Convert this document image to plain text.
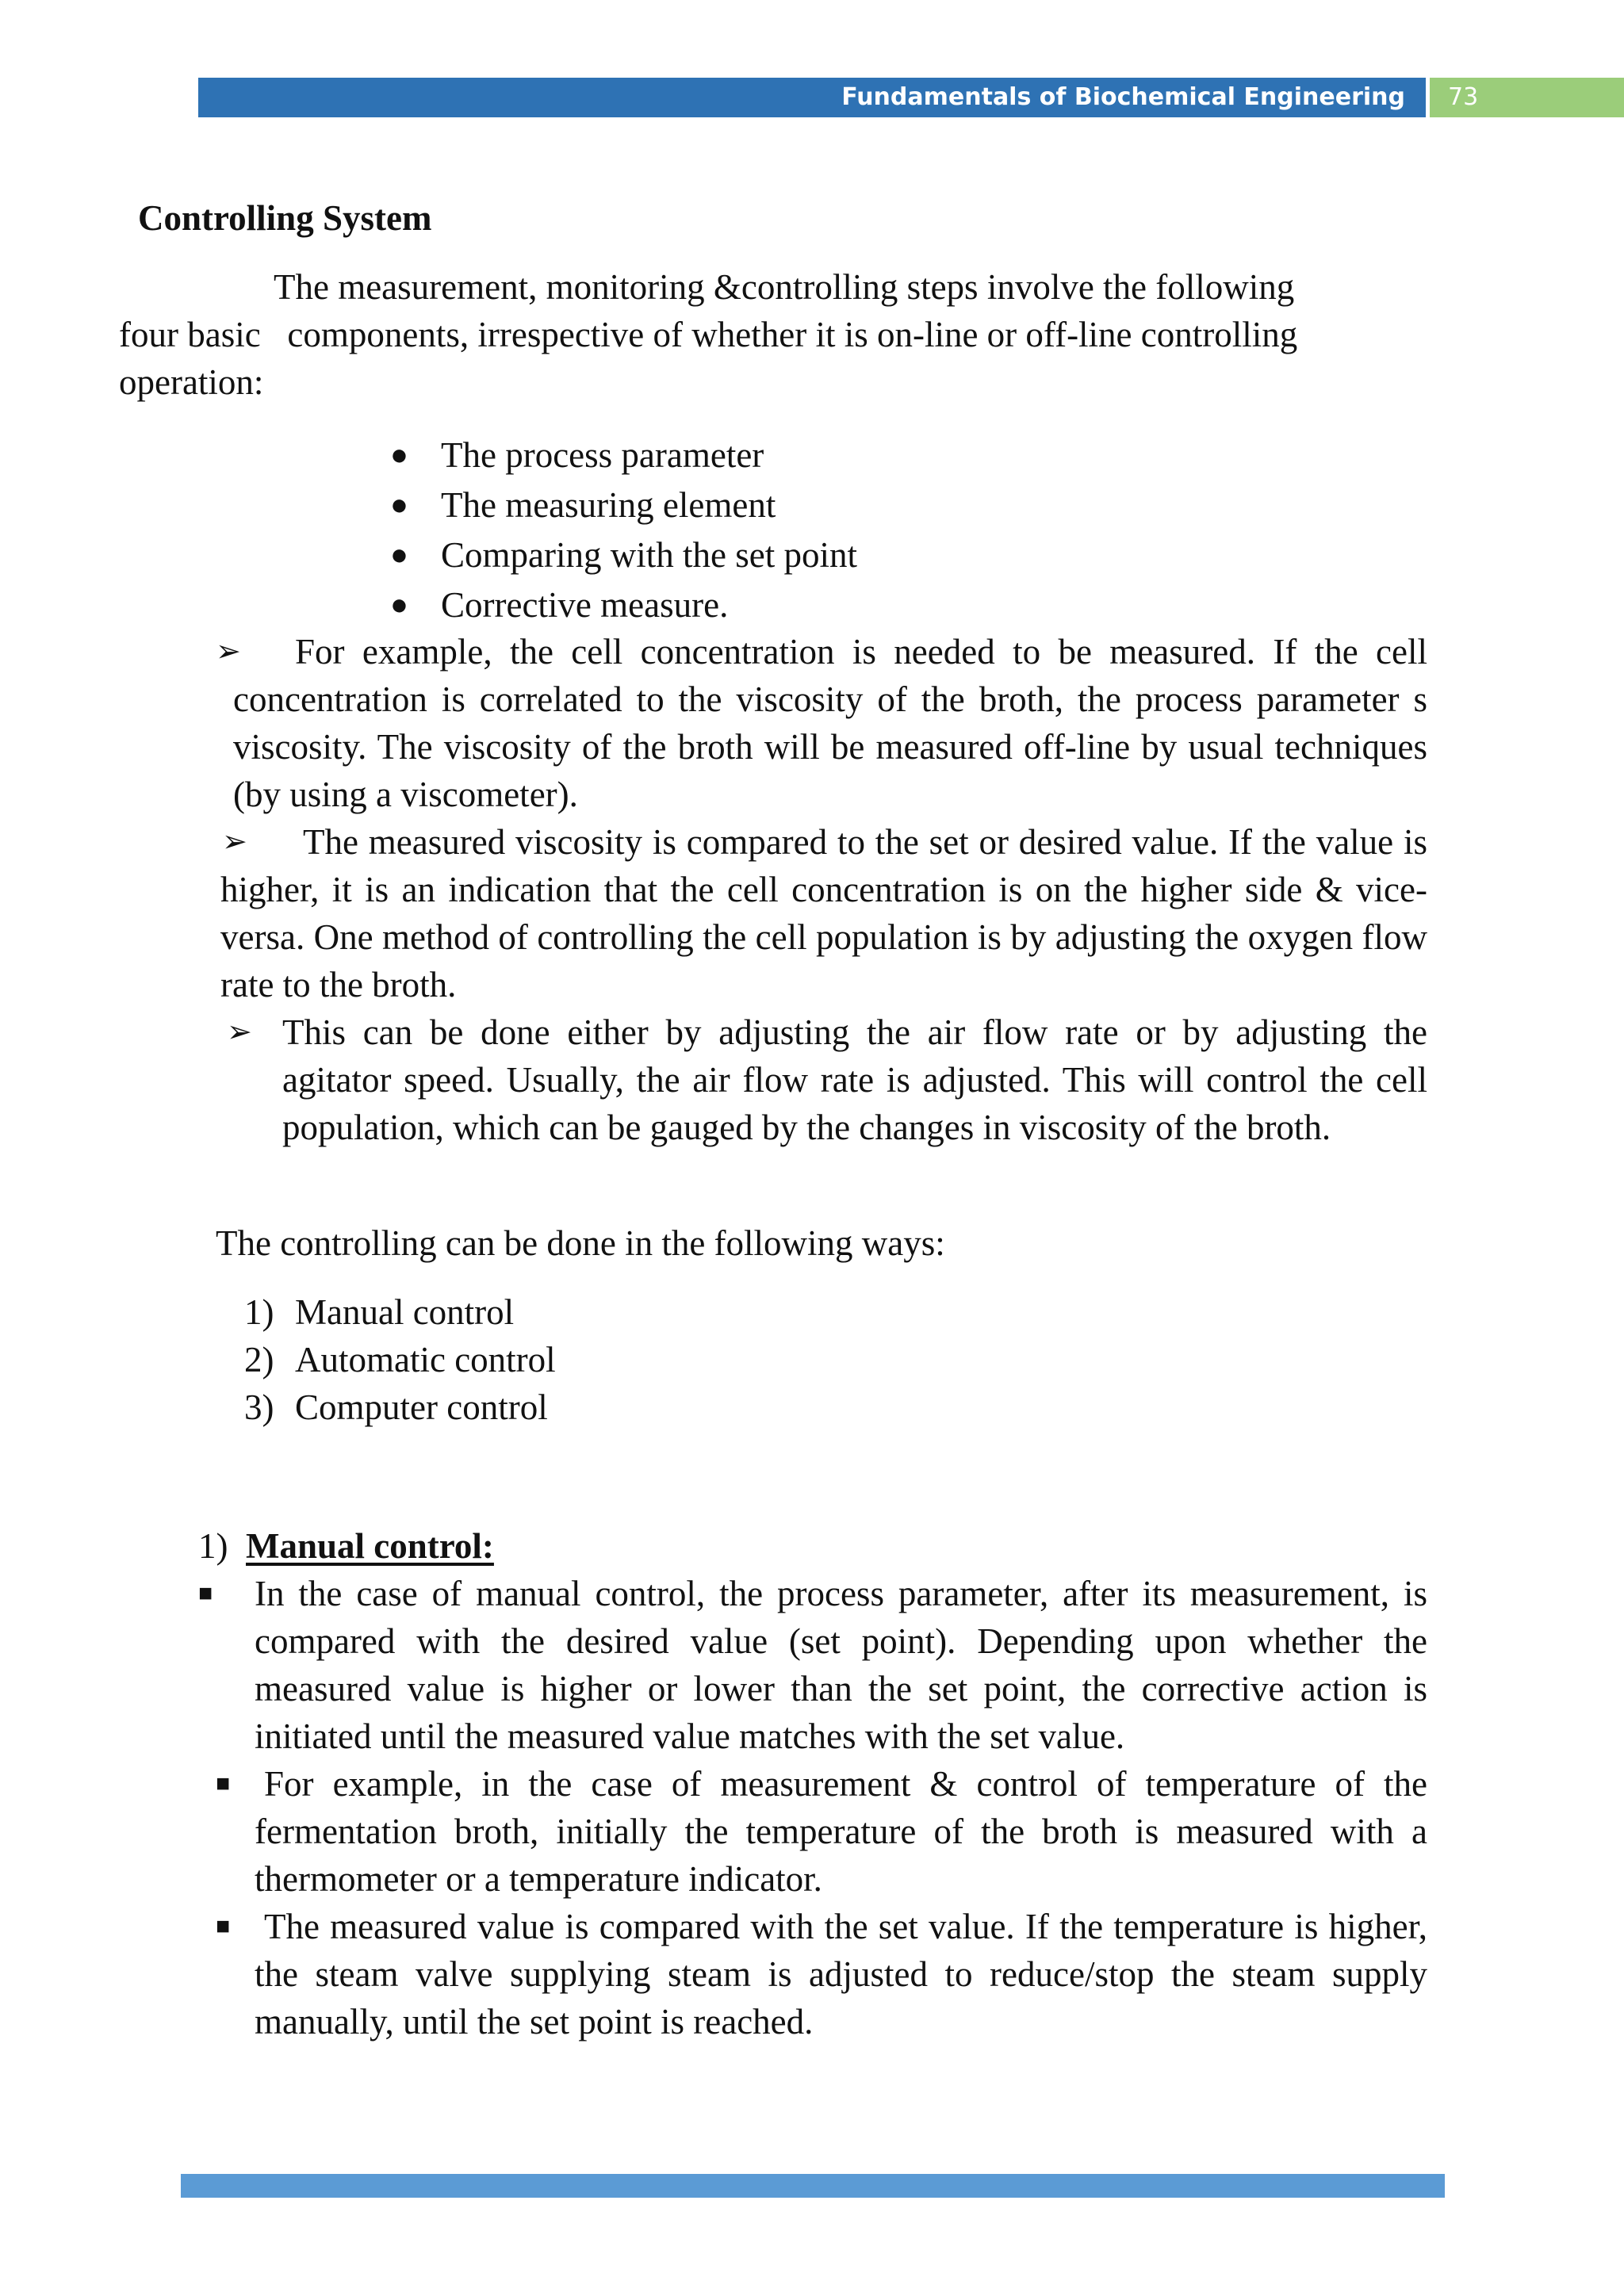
Fundamentals of Biochemical Engineering 73
Controlling System
The measurement, monitoring &controlling steps involve the following
four basic   components, irrespective of whether it is on-line or off-line controlling
operation:
● The process parameter
● The measuring element
● Comparing with the set point
● Corrective measure.
➢	For example, the cell concentration is needed to be measured. If the cell concentration is correlated to the viscosity of the broth, the process parameter s viscosity. The viscosity of the broth will be measured off-line by usual techniques (by using a viscometer).
➢	The measured viscosity is compared to the set or desired value. If the value is higher, it is an indication that the cell concentration is on the higher side & vice-versa. One method of controlling the cell population is by adjusting the oxygen flow rate to the broth.
➢ This can be done either by adjusting the air flow rate or by adjusting the agitator speed. Usually, the air flow rate is adjusted. This will control the cell population, which can be gauged by the changes in viscosity of the broth.
The controlling can be done in the following ways:
1) Manual control
2) Automatic control
3) Computer control
1) Manual control:
■ In the case of manual control, the process parameter, after its measurement, is compared with the desired value (set point). Depending upon whether the measured value is higher or lower than the set point, the corrective action is initiated until the measured value matches with the set value.
■ For example, in the case of measurement & control of temperature of the fermentation broth, initially the temperature of the broth is measured with a thermometer or a temperature indicator.
■ The measured value is compared with the set value. If the temperature is higher, the steam valve supplying steam is adjusted to reduce/stop the steam supply manually, until the set point is reached.
